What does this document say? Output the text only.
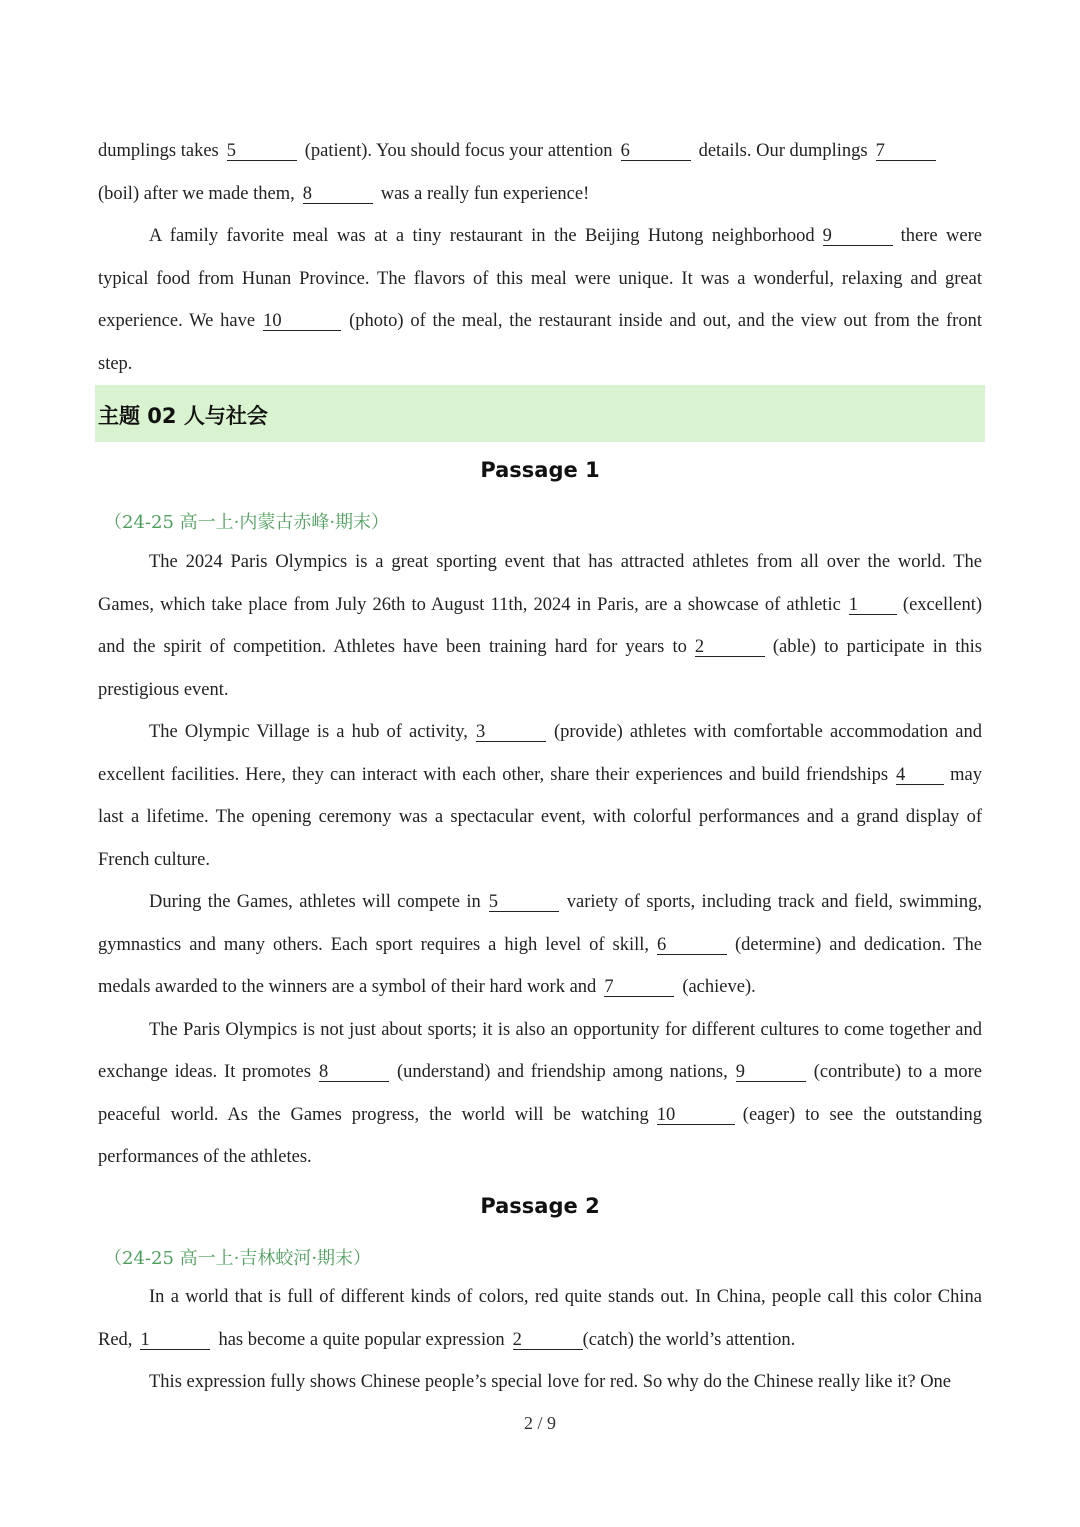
dumplings takes 5	(patient). You should focus your attention 6	details. Our dumplings 7
(boil) after we made them, 8	was a really fun experience!

A family favorite meal was at a tiny restaurant in the Beijing Hutong neighborhood 9	there were typical food from Hunan Province. The flavors of this meal were unique. It was a wonderful, relaxing and great experience. We have 10	(photo) of the meal, the restaurant inside and out, and the view out from the front step.

主题 02 人与社会
Passage 1
（24-25 高一上·内蒙古赤峰·期末）

The 2024 Paris Olympics is a great sporting event that has attracted athletes from all over the world. The Games, which take place from July 26th to August 11th, 2024 in Paris, are a showcase of athletic 1 (excellent) and the spirit of competition. Athletes have been training hard for years to 2	(able) to participate in this prestigious event.

The Olympic Village is a hub of activity, 3	(provide) athletes with comfortable accommodation and excellent facilities. Here, they can interact with each other, share their experiences and build friendships 4 may last a lifetime. The opening ceremony was a spectacular event, with colorful performances and a grand display of French culture.

During the Games, athletes will compete in 5	variety of sports, including track and field, swimming, gymnastics and many others. Each sport requires a high level of skill, 6	(determine) and dedication. The medals awarded to the winners are a symbol of their hard work and 7	(achieve).

The Paris Olympics is not just about sports; it is also an opportunity for different cultures to come together and exchange ideas. It promotes 8	(understand) and friendship among nations, 9	(contribute) to a more peaceful world. As the Games progress, the world will be watching 10	(eager) to see the outstanding performances of the athletes.

Passage 2
（24-25 高一上·吉林蛟河·期末）

In a world that is full of different kinds of colors, red quite stands out. In China, people call this color China Red, 1	has become a quite popular expression 2	(catch) the world’s attention.

This expression fully shows Chinese people’s special love for red. So why do the Chinese really like it? One

2 / 9
